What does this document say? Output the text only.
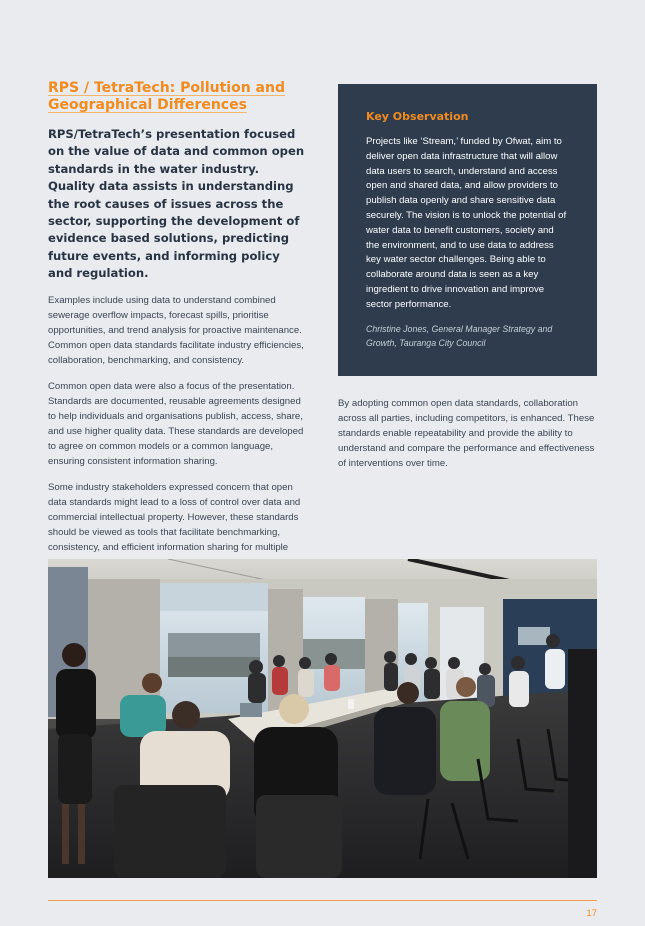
RPS / TetraTech: Pollution and
Geographical Differences

RPS/TetraTech’s presentation focused on the value of data and common open standards in the water industry. Quality data assists in understanding the root causes of issues across the sector, supporting the development of evidence based solutions, predicting future events, and informing policy and regulation.

Examples include using data to understand combined sewerage overflow impacts, forecast spills, prioritise opportunities, and trend analysis for proactive maintenance. Common open data standards facilitate industry efficiencies, collaboration, benchmarking, and consistency.

Common open data were also a focus of the presentation. Standards are documented, reusable agreements designed to help individuals and organisations publish, access, share, and use higher quality data. These standards are developed to agree on common models or a common language, ensuring consistent information sharing.

Some industry stakeholders expressed concern that open data standards might lead to a loss of control over data and commercial intellectual property. However, these standards should be viewed as tools that facilitate benchmarking, consistency, and efficient information sharing for multiple

Key Observation

Projects like ‘Stream,’ funded by Ofwat, aim to deliver open data infrastructure that will allow data users to search, understand and access open and shared data, and allow providers to publish data openly and share sensitive data securely. The vision is to unlock the potential of water data to benefit customers, society and the environment, and to use data to address key water sector challenges. Being able to collaborate around data is seen as a key ingredient to drive innovation and improve sector performance.

Christine Jones, General Manager Strategy and Growth, Tauranga City Council

By adopting common open data standards, collaboration across all parties, including competitors, is enhanced. These standards enable repeatability and provide the ability to understand and compare the performance and effectiveness of interventions over time.

17
